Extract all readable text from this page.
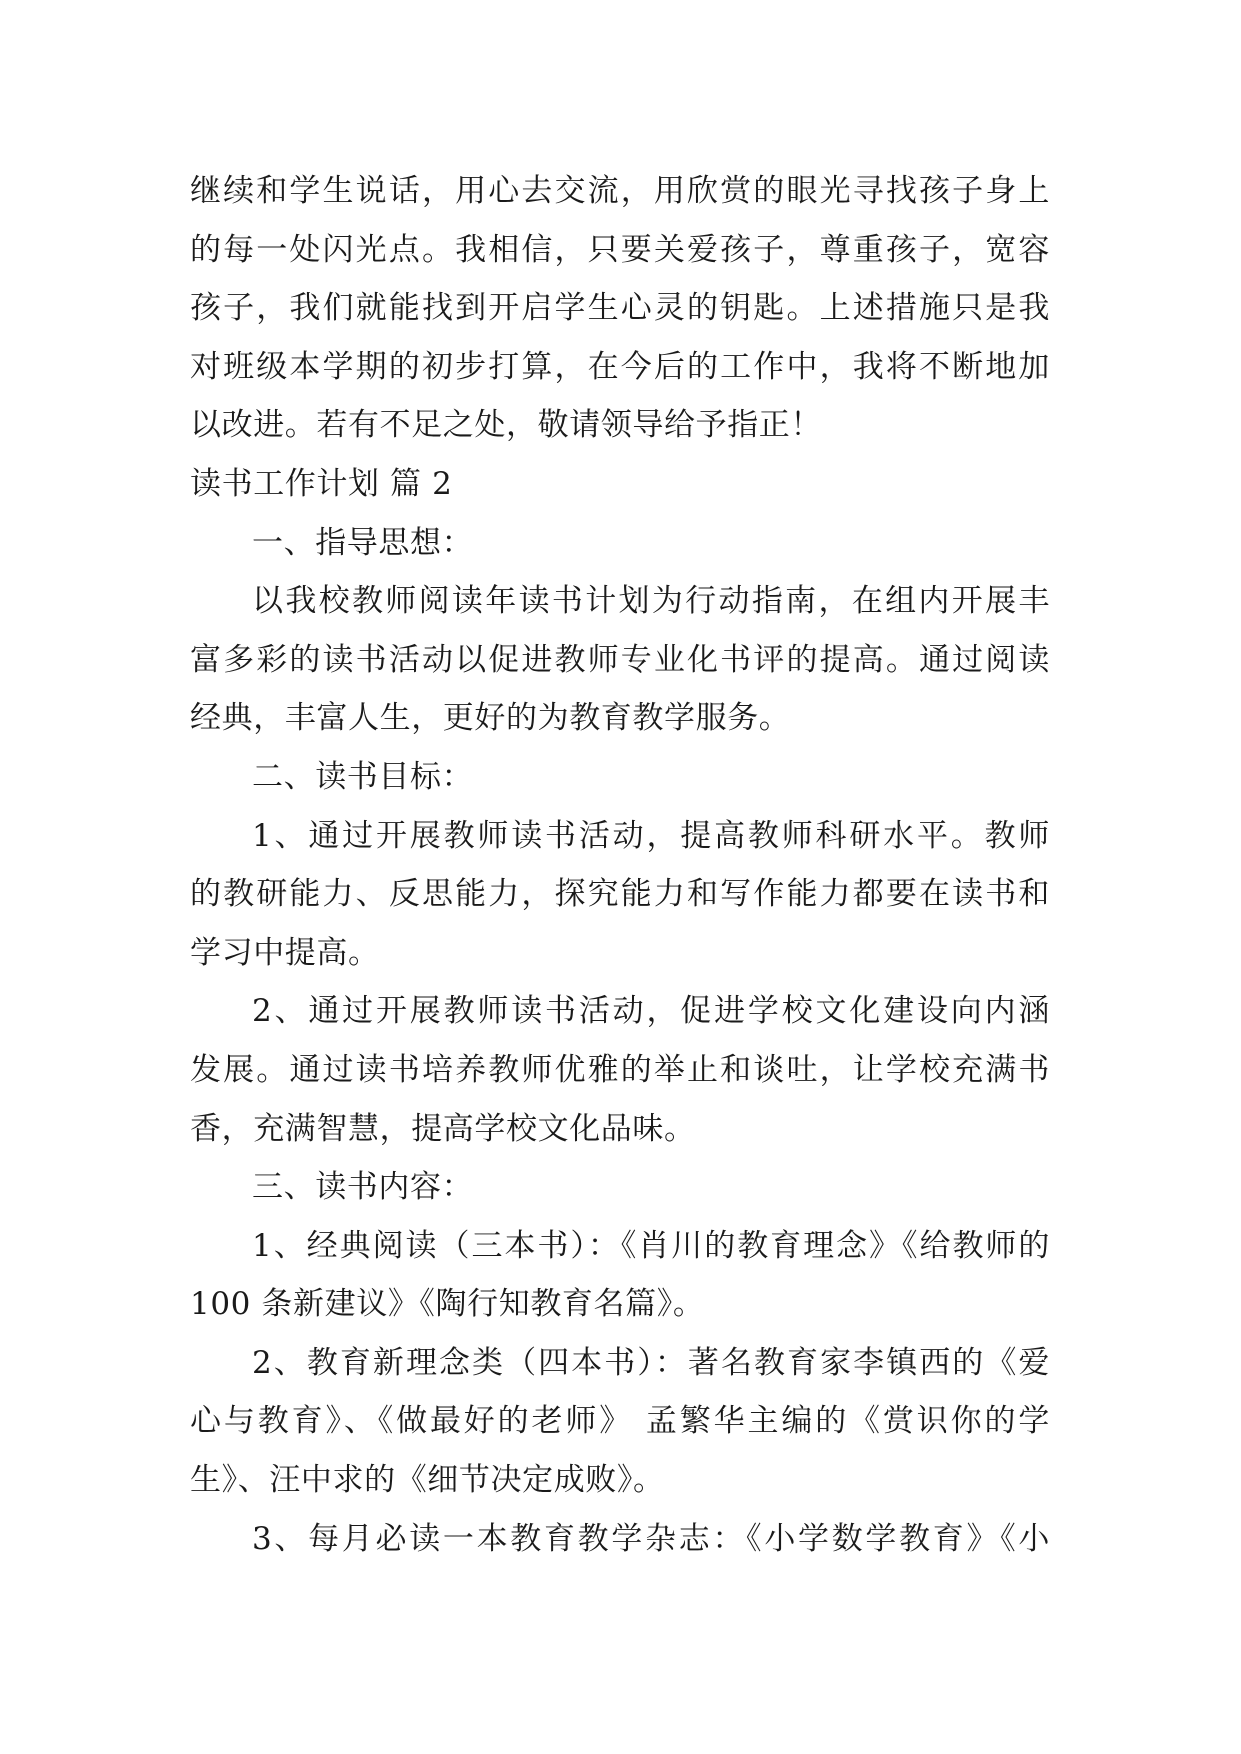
继续和学生说话，用心去交流，用欣赏的眼光寻找孩子身上
的每一处闪光点。我相信，只要关爱孩子，尊重孩子，宽容
孩子，我们就能找到开启学生心灵的钥匙。上述措施只是我
对班级本学期的初步打算，在今后的工作中，我将不断地加
以改进。若有不足之处，敬请领导给予指正！
读书工作计划 篇 2
一、指导思想：
以我校教师阅读年读书计划为行动指南，在组内开展丰
富多彩的读书活动以促进教师专业化书评的提高。通过阅读
经典，丰富人生，更好的为教育教学服务。
二、读书目标：
1、通过开展教师读书活动，提高教师科研水平。教师
的教研能力、反思能力，探究能力和写作能力都要在读书和
学习中提高。
2、通过开展教师读书活动，促进学校文化建设向内涵
发展。通过读书培养教师优雅的举止和谈吐，让学校充满书
香，充满智慧，提高学校文化品味。
三、读书内容：
1、经典阅读（三本书）：《肖川的教育理念》《给教师的
100 条新建议》《陶行知教育名篇》。
2、教育新理念类（四本书）：著名教育家李镇西的《爱
心与教育》、《做最好的老师》 孟繁华主编的《赏识你的学
生》、汪中求的《细节决定成败》。
3、每月必读一本教育教学杂志：《小学数学教育》《小
